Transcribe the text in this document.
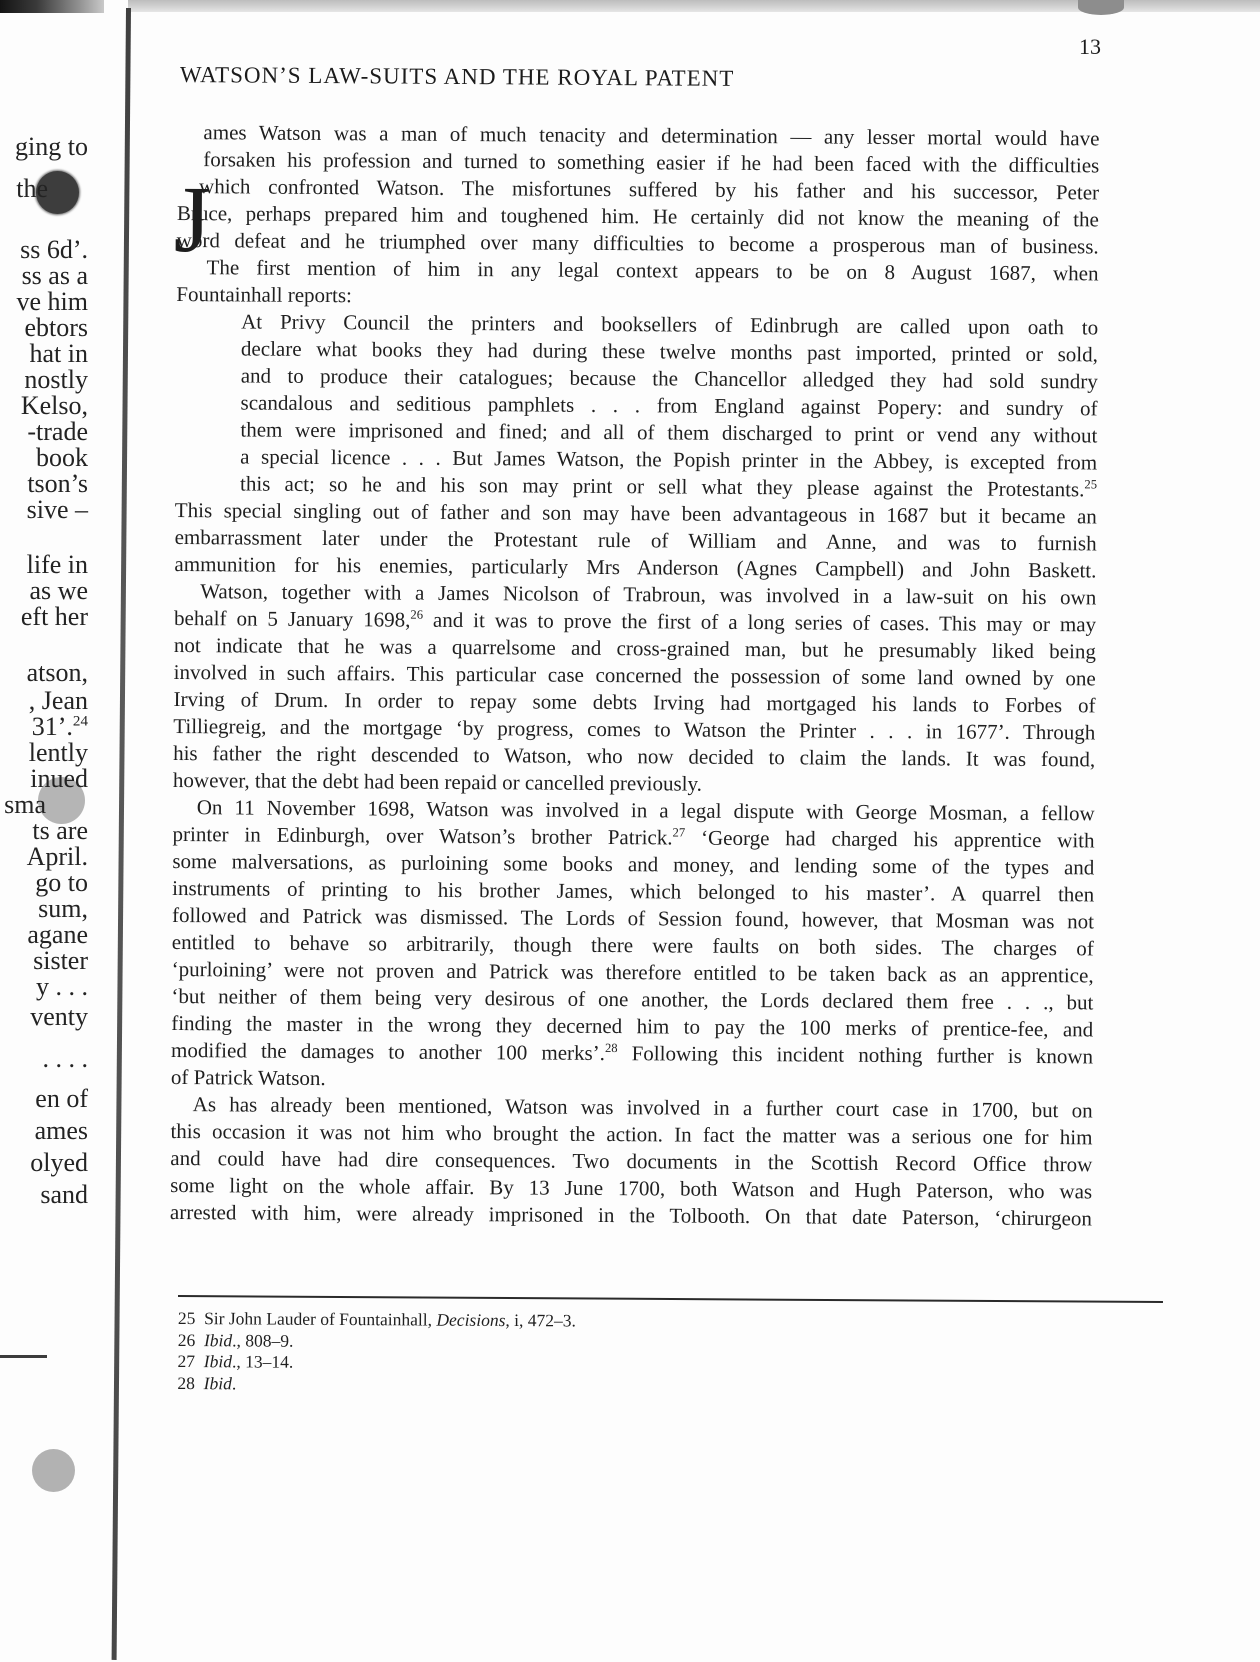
ging to
the
ss 6d’.
ss as a
ve him
ebtors
hat in
nostly
Kelso,
-trade
book
tson’s
sive –
life in
as we
eft her
atson,
, Jean
31’.$^{24}$
lently
inued
sma
ts are
April.
go to
sum,
agane
sister
y . . .
venty
. . . .
en of
ames
olyed
sand
13
WATSON’S LAW-SUITS AND THE ROYAL PATENT
J
ames Watson was a man of much tenacity and determination — any lesser mortal would have
forsaken his profession and turned to something easier if he had been faced with the difficulties
which confronted Watson. The misfortunes suffered by his father and his successor, Peter
Bruce, perhaps prepared him and toughened him. He certainly did not know the meaning of the
word defeat and he triumphed over many difficulties to become a prosperous man of business.
The first mention of him in any legal context appears to be on 8 August 1687, when
Fountainhall reports:
At Privy Council the printers and booksellers of Edinbrugh are called upon oath to
declare what books they had during these twelve months past imported, printed or sold,
and to produce their catalogues; because the Chancellor alledged they had sold sundry
scandalous and seditious pamphlets . . . from England against Popery: and sundry of
them were imprisoned and fined; and all of them discharged to print or vend any without
a special licence . . . But James Watson, the Popish printer in the Abbey, is excepted from
this act; so he and his son may print or sell what they please against the Protestants.$^{25}$
This special singling out of father and son may have been advantageous in 1687 but it became an
embarrassment later under the Protestant rule of William and Anne, and was to furnish
ammunition for his enemies, particularly Mrs Anderson (Agnes Campbell) and John Baskett.
Watson, together with a James Nicolson of Trabroun, was involved in a law-suit on his own
behalf on 5 January 1698,26 and it was to prove the first of a long series of cases. This may or may
not indicate that he was a quarrelsome and cross-grained man, but he presumably liked being
involved in such affairs. This particular case concerned the possession of some land owned by one
Irving of Drum. In order to repay some debts Irving had mortgaged his lands to Forbes of
Tilliegreig, and the mortgage ‘by progress, comes to Watson the Printer . . . in 1677’. Through
his father the right descended to Watson, who now decided to claim the lands. It was found,
however, that the debt had been repaid or cancelled previously.
On 11 November 1698, Watson was involved in a legal dispute with George Mosman, a fellow
printer in Edinburgh, over Watson’s brother Patrick.$^{27}$ ‘George had charged his apprentice with
some malversations, as purloining some books and money, and lending some of the types and
instruments of printing to his brother James, which belonged to his master’. A quarrel then
followed and Patrick was dismissed. The Lords of Session found, however, that Mosman was not
entitled to behave so arbitrarily, though there were faults on both sides. The charges of
‘purloining’ were not proven and Patrick was therefore entitled to be taken back as an apprentice,
‘but neither of them being very desirous of one another, the Lords declared them free . . ., but
finding the master in the wrong they decerned him to pay the 100 merks of prentice-fee, and
modified the damages to another 100 merks’.$^{28}$ Following this incident nothing further is known
of Patrick Watson.
As has already been mentioned, Watson was involved in a further court case in 1700, but on
this occasion it was not him who brought the action. In fact the matter was a serious one for him
and could have had dire consequences. Two documents in the Scottish Record Office throw
some light on the whole affair. By 13 June 1700, both Watson and Hugh Paterson, who was
arrested with him, were already imprisoned in the Tolbooth. On that date Paterson, ‘chirurgeon
25  Sir John Lauder of Fountainhall, Decisions, i, 472–3.
26  Ibid., 808–9.
27  Ibid., 13–14.
28  Ibid.
